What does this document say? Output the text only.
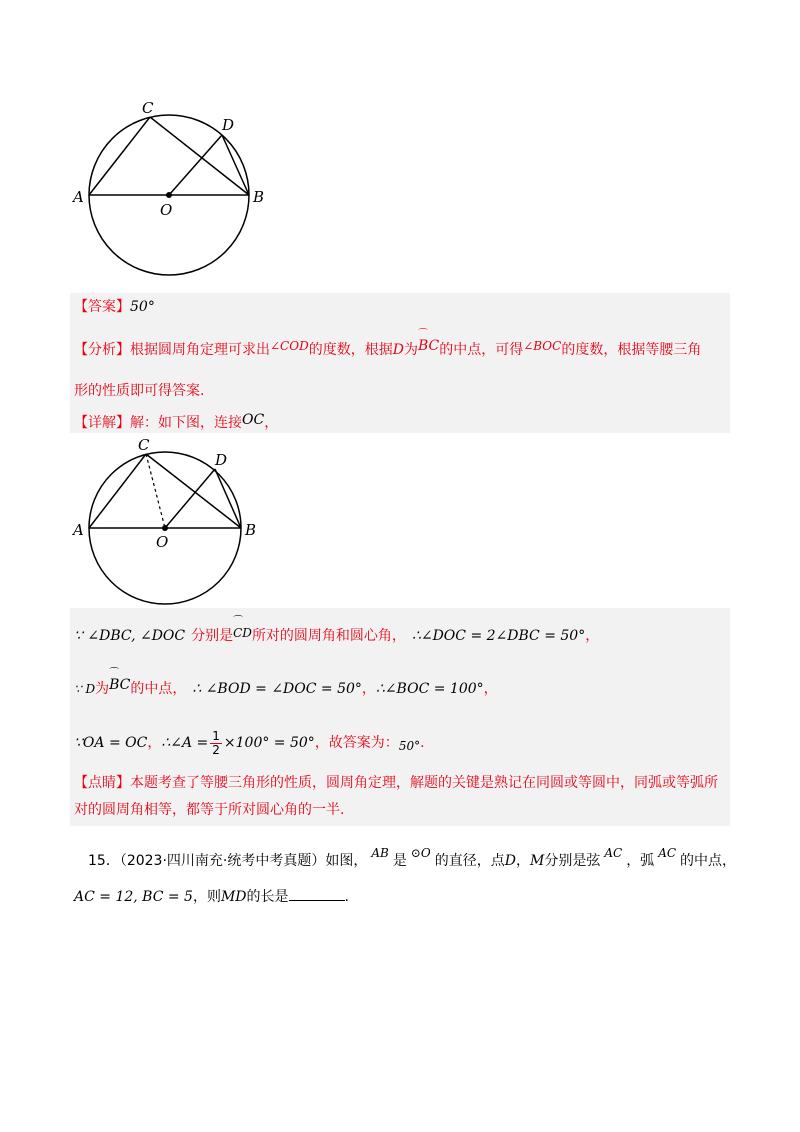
C
D
A
O
B
【答案】50°
【分析】根据圆周角定理可求出∠COD的度数，根据D为⌒ BC的中点，可得∠BOC的度数，根据等腰三角
形的性质即可得答案.
【详解】解：如下图，连接OC，
C
D
A
O
B
∵ ∠DBC, ∠DOC 分别是⌒ CD所对的圆周角和圆心角， ∴∠DOC = 2∠DBC = 50°，
∵ D为⌒ BC的中点， ∴ ∠BOD = ∠DOC = 50°，∴∠BOC = 100°，
∵OA = OC，∴∠A = $\frac{1}{2} \times 100^\circ = 50^\circ$，故答案为：50°.
【点睛】本题考查了等腰三角形的性质，圆周角定理，解题的关键是熟记在同圆或等圆中，同弧或等弧所
对的圆周角相等，都等于所对圆心角的一半.
15．（2023·四川南充·统考中考真题）如图， AB 是 ⊙O 的直径，点D，M分别是弦 AC ，弧 AC 的中点，
AC = 12, BC = 5，则MD的长是	.
